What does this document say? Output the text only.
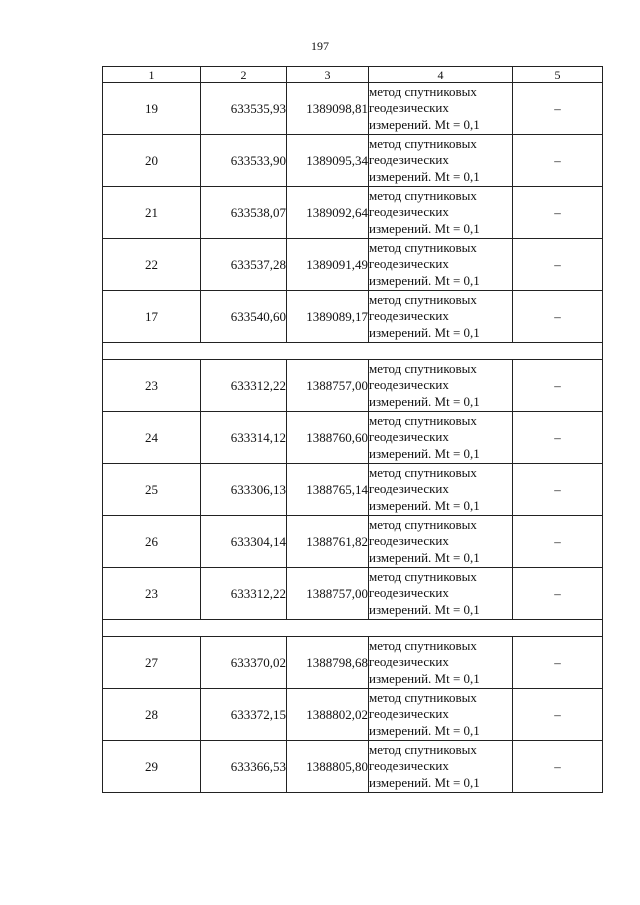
197
1	2	3	4	5
19	633535,93	1389098,81	метод спутниковых
геодезических
измерений. Mt = 0,1	–
20	633533,90	1389095,34	метод спутниковых
геодезических
измерений. Mt = 0,1	–
21	633538,07	1389092,64	метод спутниковых
геодезических
измерений. Mt = 0,1	–
22	633537,28	1389091,49	метод спутниковых
геодезических
измерений. Mt = 0,1	–
17	633540,60	1389089,17	метод спутниковых
геодезических
измерений. Mt = 0,1	–

23	633312,22	1388757,00	метод спутниковых
геодезических
измерений. Mt = 0,1	–
24	633314,12	1388760,60	метод спутниковых
геодезических
измерений. Mt = 0,1	–
25	633306,13	1388765,14	метод спутниковых
геодезических
измерений. Mt = 0,1	–
26	633304,14	1388761,82	метод спутниковых
геодезических
измерений. Mt = 0,1	–
23	633312,22	1388757,00	метод спутниковых
геодезических
измерений. Mt = 0,1	–

27	633370,02	1388798,68	метод спутниковых
геодезических
измерений. Mt = 0,1	–
28	633372,15	1388802,02	метод спутниковых
геодезических
измерений. Mt = 0,1	–
29	633366,53	1388805,80	метод спутниковых
геодезических
измерений. Mt = 0,1	–
